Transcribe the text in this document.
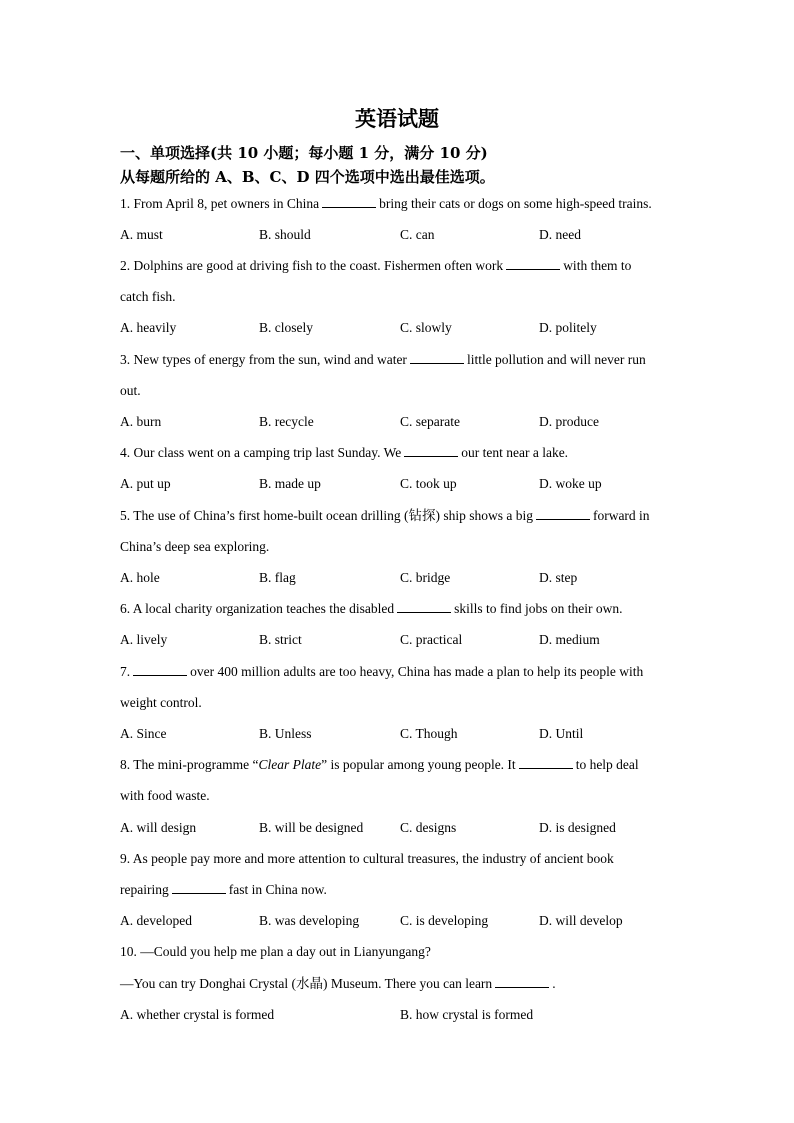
英语试题
一、单项选择(共 10 小题；每小题 1 分，满分 10 分)
从每题所给的 A、B、C、D 四个选项中选出最佳选项。
1. From April 8, pet owners in China	bring their cats or dogs on some high-speed trains.
A. must	B. should	C. can	D. need
2. Dolphins are good at driving fish to the coast. Fishermen often work	with them to
catch fish.
A. heavily	B. closely	C. slowly	D. politely
3. New types of energy from the sun, wind and water	little pollution and will never run
out.
A. burn	B. recycle	C. separate	D. produce
4. Our class went on a camping trip last Sunday. We	our tent near a lake.
A. put up	B. made up	C. took up	D. woke up
5. The use of China’s first home-built ocean drilling (钻探) ship shows a big	forward in
China’s deep sea exploring.
A. hole	B. flag	C. bridge	D. step
6. A local charity organization teaches the disabled	skills to find jobs on their own.
A. lively	B. strict	C. practical	D. medium
7.	over 400 million adults are too heavy, China has made a plan to help its people with
weight control.
A. Since	B. Unless	C. Though	D. Until
8. The mini-programme “Clear Plate” is popular among young people. It	to help deal
with food waste.
A. will design	B. will be designed	C. designs	D. is designed
9. As people pay more and more attention to cultural treasures, the industry of ancient book
repairing	fast in China now.
A. developed	B. was developing	C. is developing	D. will develop
10. —Could you help me plan a day out in Lianyungang?
—You can try Donghai Crystal (水晶) Museum. There you can learn	.
A. whether crystal is formed	B. how crystal is formed
